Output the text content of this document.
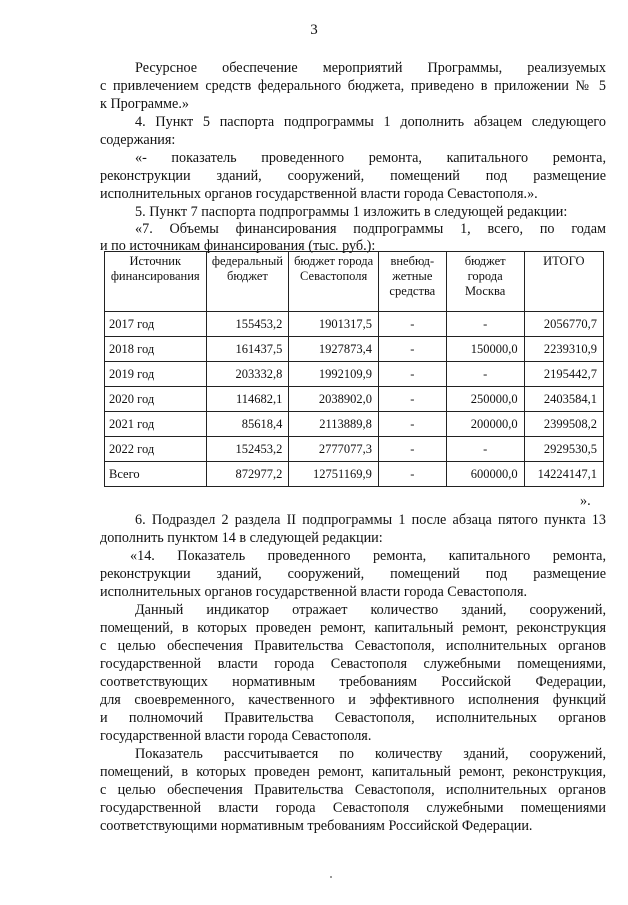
3
Ресурсное обеспечение мероприятий Программы, реализуемых
с привлечением средств федерального бюджета, приведено в приложении № 5
к Программе.»
4. Пункт 5 паспорта подпрограммы 1 дополнить абзацем следующего
содержания:
«- показатель проведенного ремонта, капитального ремонта,
реконструкции зданий, сооружений, помещений под размещение
исполнительных органов государственной власти города Севастополя.».
5. Пункт 7 паспорта подпрограммы 1 изложить в следующей редакции:
«7. Объемы финансирования подпрограммы 1, всего, по годам
и по источникам финансирования (тыс. руб.):
Источник финансирования	федеральный бюджет	бюджет города Севастополя	внебюд-жетные средства	бюджет города Москва	ИТОГО
2017 год	155453,2	1901317,5	-	-	2056770,7
2018 год	161437,5	1927873,4	-	150000,0	2239310,9
2019 год	203332,8	1992109,9	-	-	2195442,7
2020 год	114682,1	2038902,0	-	250000,0	2403584,1
2021 год	85618,4	2113889,8	-	200000,0	2399508,2
2022 год	152453,2	2777077,3	-	-	2929530,5
Всего	872977,2	12751169,9	-	600000,0	14224147,1
».
6. Подраздел 2 раздела II подпрограммы 1 после абзаца пятого пункта 13
дополнить пунктом 14 в следующей редакции:
«14. Показатель проведенного ремонта, капитального ремонта,
реконструкции зданий, сооружений, помещений под размещение
исполнительных органов государственной власти города Севастополя.
Данный индикатор отражает количество зданий, сооружений,
помещений, в которых проведен ремонт, капитальный ремонт, реконструкция
с целью обеспечения Правительства Севастополя, исполнительных органов
государственной власти города Севастополя служебными помещениями,
соответствующих нормативным требованиям Российской Федерации,
для своевременного, качественного и эффективного исполнения функций
и полномочий Правительства Севастополя, исполнительных органов
государственной власти города Севастополя.
Показатель рассчитывается по количеству зданий, сооружений,
помещений, в которых проведен ремонт, капитальный ремонт, реконструкция,
с целью обеспечения Правительства Севастополя, исполнительных органов
государственной власти города Севастополя служебными помещениями
соответствующими нормативным требованиям Российской Федерации.
